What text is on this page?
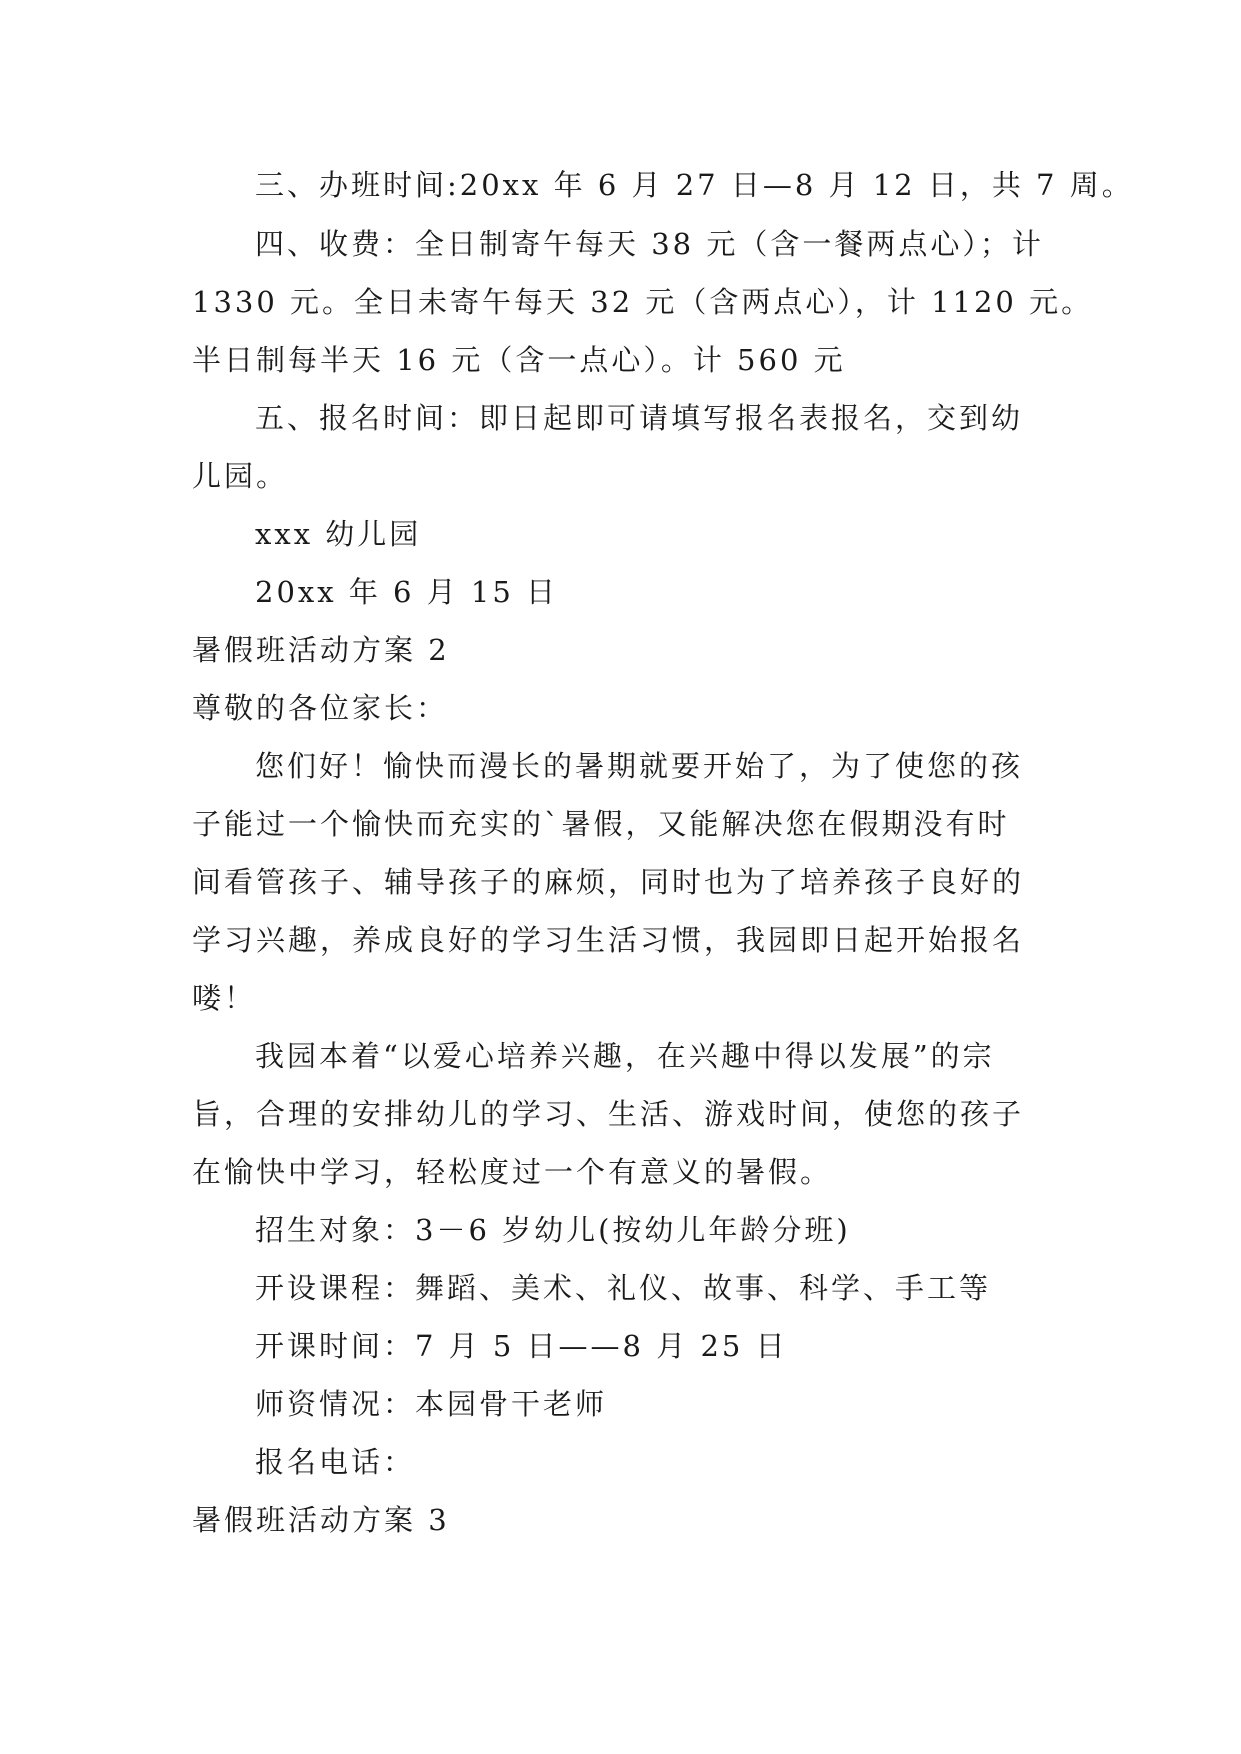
三、办班时间:20xx 年 6 月 27 日—8 月 12 日，共 7 周。
四、收费：全日制寄午每天 38 元（含一餐两点心）；计
1330 元。全日未寄午每天 32 元（含两点心），计 1120 元。
半日制每半天 16 元（含一点心）。计 560 元
五、报名时间：即日起即可请填写报名表报名，交到幼
儿园。
xxx 幼儿园
20xx 年 6 月 15 日
暑假班活动方案 2
尊敬的各位家长：
您们好！愉快而漫长的暑期就要开始了，为了使您的孩
子能过一个愉快而充实的`暑假，又能解决您在假期没有时
间看管孩子、辅导孩子的麻烦，同时也为了培养孩子良好的
学习兴趣，养成良好的学习生活习惯，我园即日起开始报名
喽！
我园本着“以爱心培养兴趣，在兴趣中得以发展”的宗
旨，合理的安排幼儿的学习、生活、游戏时间，使您的孩子
在愉快中学习，轻松度过一个有意义的暑假。
招生对象：3－6 岁幼儿(按幼儿年龄分班)
开设课程：舞蹈、美术、礼仪、故事、科学、手工等
开课时间：7 月 5 日——8 月 25 日
师资情况：本园骨干老师
报名电话：
暑假班活动方案 3
